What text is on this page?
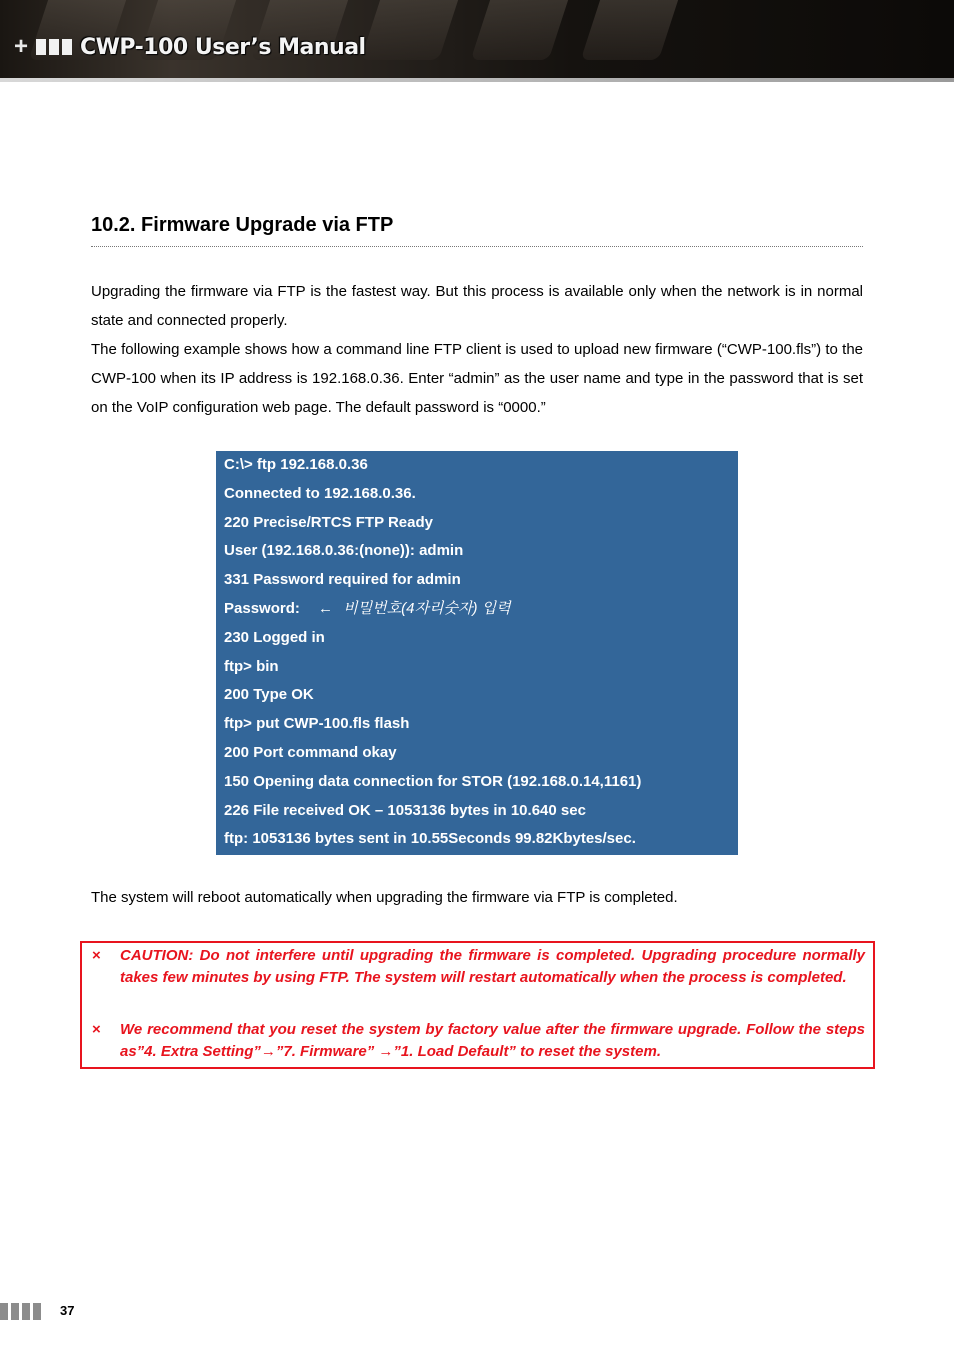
+ CWP-100 User’s Manual
10.2. Firmware Upgrade via FTP

Upgrading the firmware via FTP is the fastest way. But this process is available only when the network is in normal state and connected properly.

The following example shows how a command line FTP client is used to upload new firmware (“CWP-100.fls”) to the CWP-100 when its IP address is 192.168.0.36. Enter “admin” as the user name and type in the password that is set on the VoIP configuration web page. The default password is “0000.”

C:\> ftp 192.168.0.36
Connected to 192.168.0.36.
220 Precise/RTCS FTP Ready
User (192.168.0.36:(none)): admin
331 Password required for admin
Password: ← 비밀번호(4자리숫자) 입력
230 Logged in
ftp> bin
200 Type OK
ftp> put CWP-100.fls flash
200 Port command okay
150 Opening data connection for STOR (192.168.0.14,1161)
226 File received OK – 1053136 bytes in 10.640 sec
ftp: 1053136 bytes sent in 10.55Seconds 99.82Kbytes/sec.

The system will reboot automatically when upgrading the firmware via FTP is completed.

× CAUTION: Do not interfere until upgrading the firmware is completed. Upgrading procedure normally takes few minutes by using FTP. The system will restart automatically when the process is completed.
× We recommend that you reset the system by factory value after the firmware upgrade. Follow the steps as”4. Extra Setting”→”7. Firmware” →”1. Load Default” to reset the system.
37
